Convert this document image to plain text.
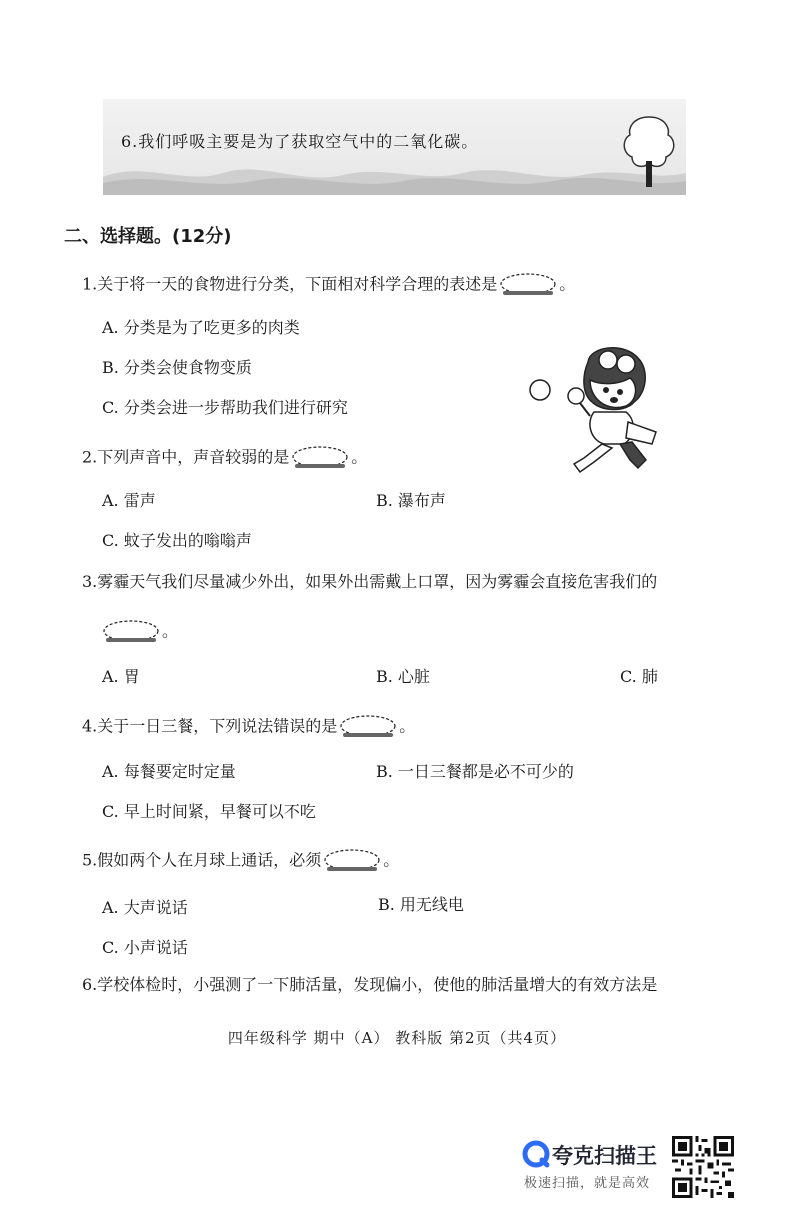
6.我们呼吸主要是为了获取空气中的二氧化碳。
二、选择题。(12分)
1.关于将一天的食物进行分类，下面相对科学合理的表述是	。
A. 分类是为了吃更多的肉类
B. 分类会使食物变质
C. 分类会进一步帮助我们进行研究
2.下列声音中，声音较弱的是	。
A. 雷声	B. 瀑布声
C. 蚊子发出的嗡嗡声
3.雾霾天气我们尽量减少外出，如果外出需戴上口罩，因为雾霾会直接危害我们的
。
A. 胃	B. 心脏	C. 肺
4.关于一日三餐，下列说法错误的是	。
A. 每餐要定时定量	B. 一日三餐都是必不可少的
C. 早上时间紧，早餐可以不吃
5.假如两个人在月球上通话，必须	。
A. 大声说话	B. 用无线电
C. 小声说话
6.学校体检时，小强测了一下肺活量，发现偏小，使他的肺活量增大的有效方法是
四年级科学 期中（A） 教科版 第2页（共4页）
夸克扫描王
极速扫描，就是高效
